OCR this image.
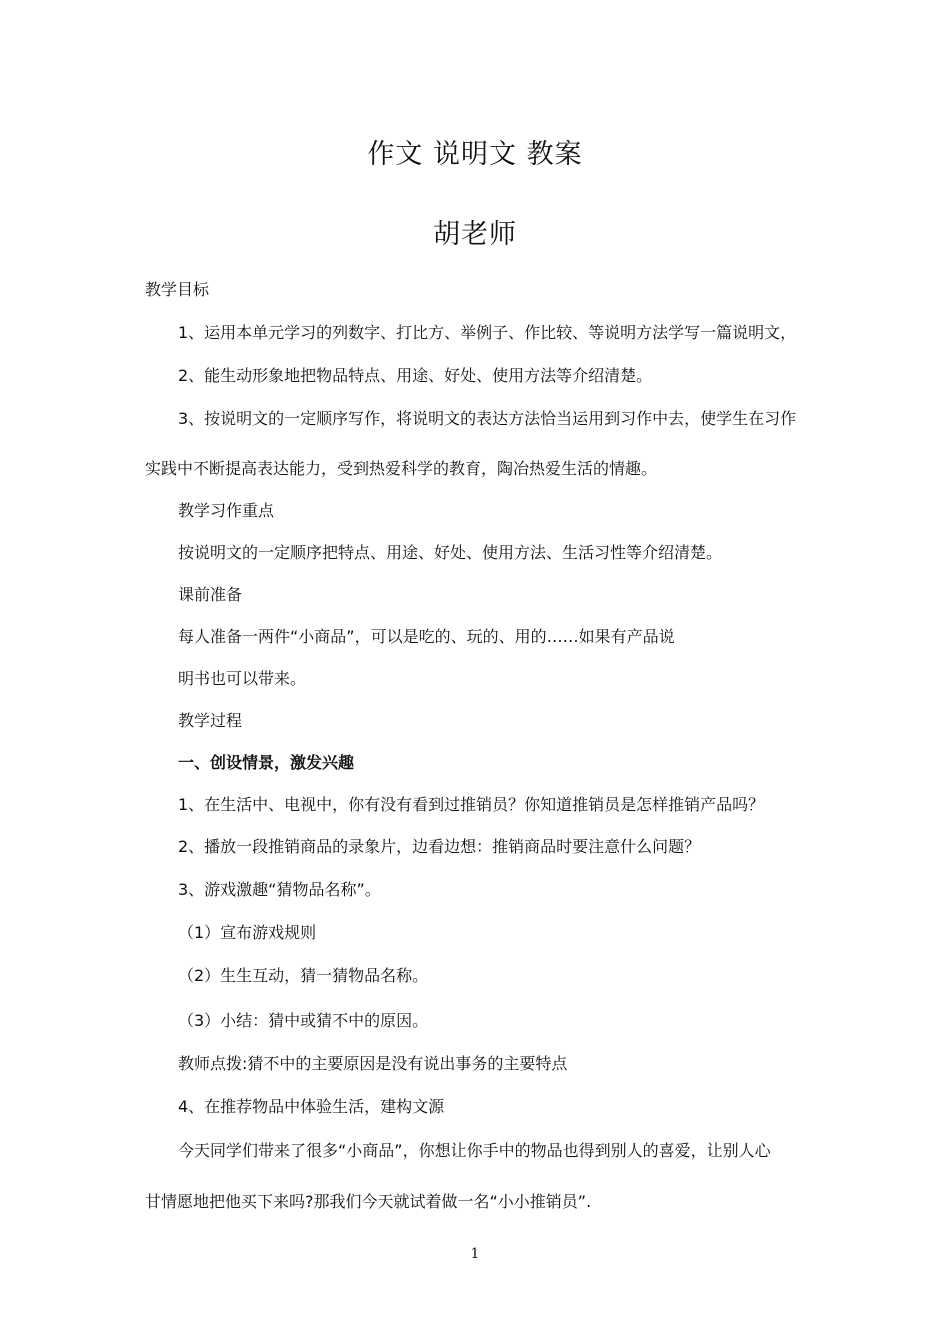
作文 说明文 教案
胡老师
教学目标
1、运用本单元学习的列数字、打比方、举例子、作比较、等说明方法学写一篇说明文，
2、能生动形象地把物品特点、用途、好处、使用方法等介绍清楚。
3、按说明文的一定顺序写作，将说明文的表达方法恰当运用到习作中去，使学生在习作
实践中不断提高表达能力，受到热爱科学的教育，陶冶热爱生活的情趣。
教学习作重点
按说明文的一定顺序把特点、用途、好处、使用方法、生活习性等介绍清楚。
课前准备
每人准备一两件“小商品”，可以是吃的、玩的、用的……如果有产品说
明书也可以带来。
教学过程
一、创设情景，激发兴趣
1、在生活中、电视中，你有没有看到过推销员？你知道推销员是怎样推销产品吗？
2、播放一段推销商品的录象片，边看边想：推销商品时要注意什么问题？
3、游戏激趣“猜物品名称”。
（1）宣布游戏规则
（2）生生互动，猜一猜物品名称。
（3）小结：猜中或猜不中的原因。
教师点拨:猜不中的主要原因是没有说出事务的主要特点
4、在推荐物品中体验生活，建构文源
今天同学们带来了很多“小商品”，你想让你手中的物品也得到别人的喜爱，让别人心
甘情愿地把他买下来吗?那我们今天就试着做一名“小小推销员”.
1
